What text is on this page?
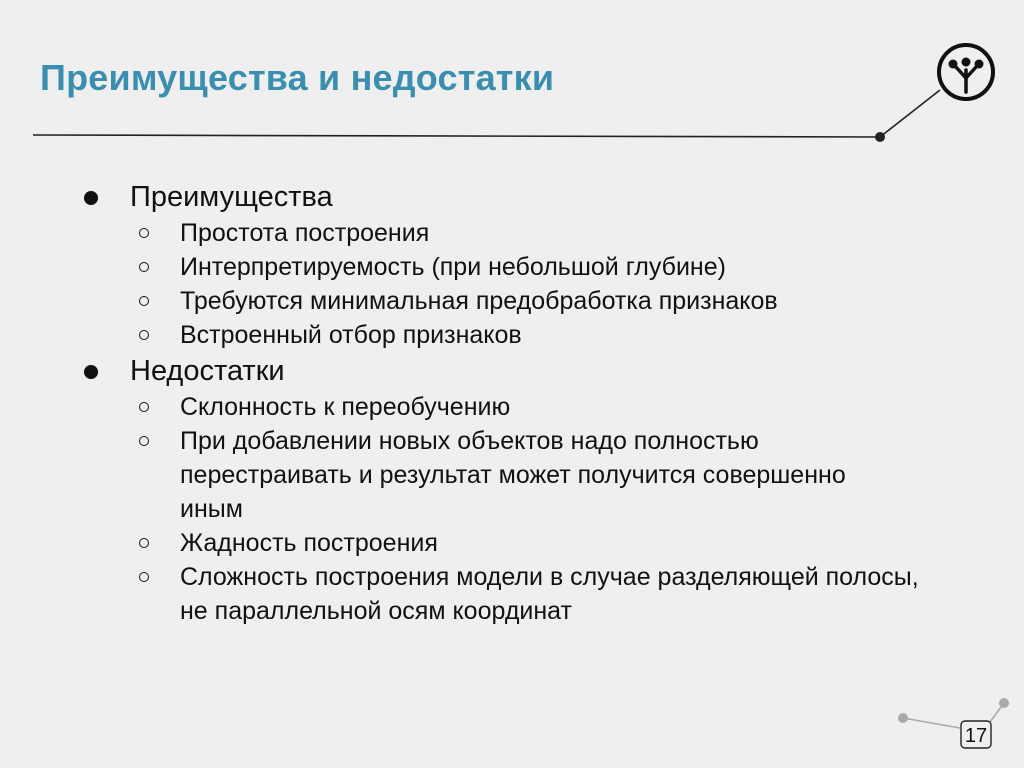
Преимущества и недостатки
Преимущества
Простота построения
Интерпретируемость (при небольшой глубине)
Требуются минимальная предобработка признаков
Встроенный отбор признаков
Недостатки
Склонность к переобучению
При добавлении новых объектов надо полностью перестраивать и результат может получится совершенно иным
Жадность построения
Сложность построения модели в случае разделяющей полосы, не параллельной осям координат
17
